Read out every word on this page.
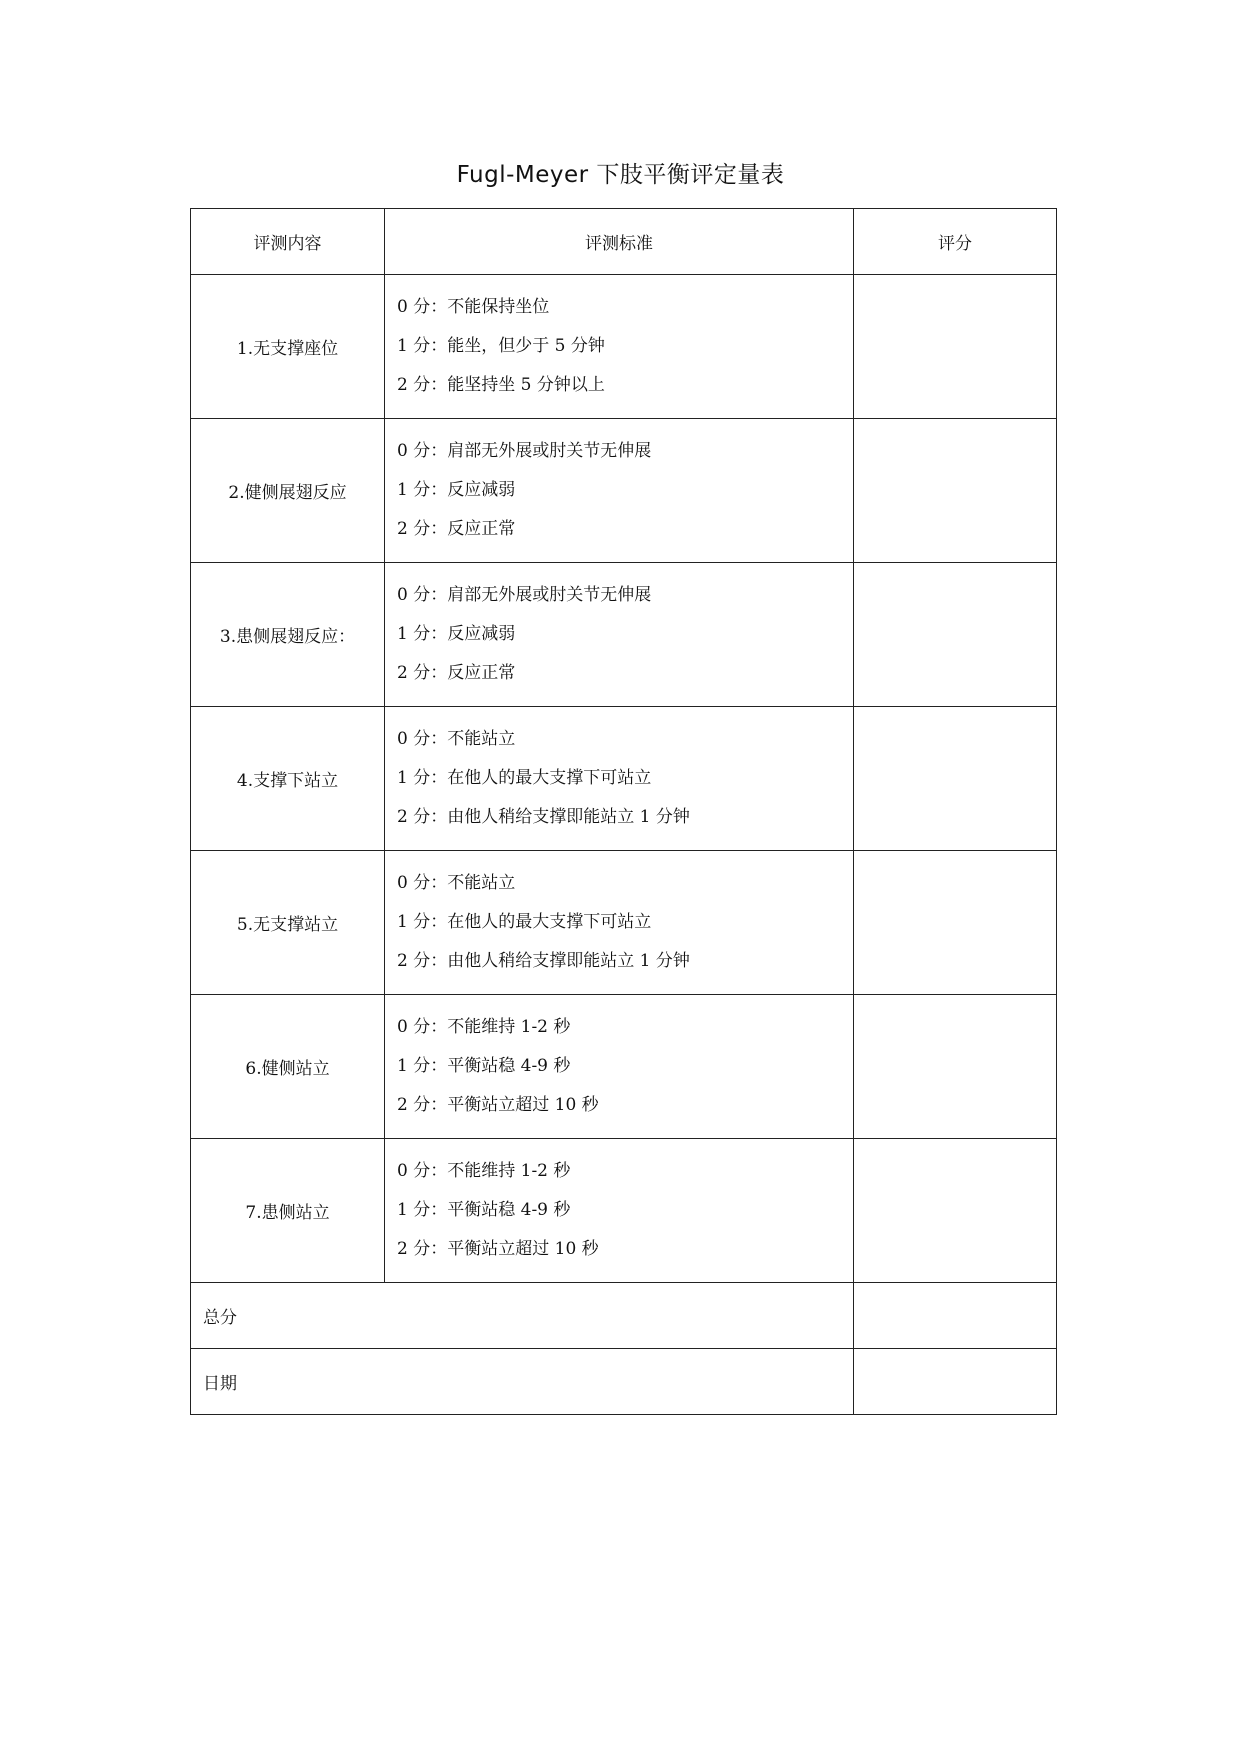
Fugl-Meyer 下肢平衡评定量表
评测内容	评测标准	评分
1.无支撑座位	0 分：不能保持坐位
1 分：能坐，但少于 5 分钟
2 分：能坚持坐 5 分钟以上	

2.健侧展翅反应	0 分：肩部无外展或肘关节无伸展
1 分：反应减弱
2 分：反应正常	

3.患侧展翅反应：	0 分：肩部无外展或肘关节无伸展
1 分：反应减弱
2 分：反应正常	

4.支撑下站立	0 分：不能站立
1 分：在他人的最大支撑下可站立
2 分：由他人稍给支撑即能站立 1 分钟	

5.无支撑站立	0 分：不能站立
1 分：在他人的最大支撑下可站立
2 分：由他人稍给支撑即能站立 1 分钟	

6.健侧站立	0 分：不能维持 1-2 秒
1 分：平衡站稳 4-9 秒
2 分：平衡站立超过 10 秒	

7.患侧站立	0 分：不能维持 1-2 秒
1 分：平衡站稳 4-9 秒
2 分：平衡站立超过 10 秒	

总分		
日期		
